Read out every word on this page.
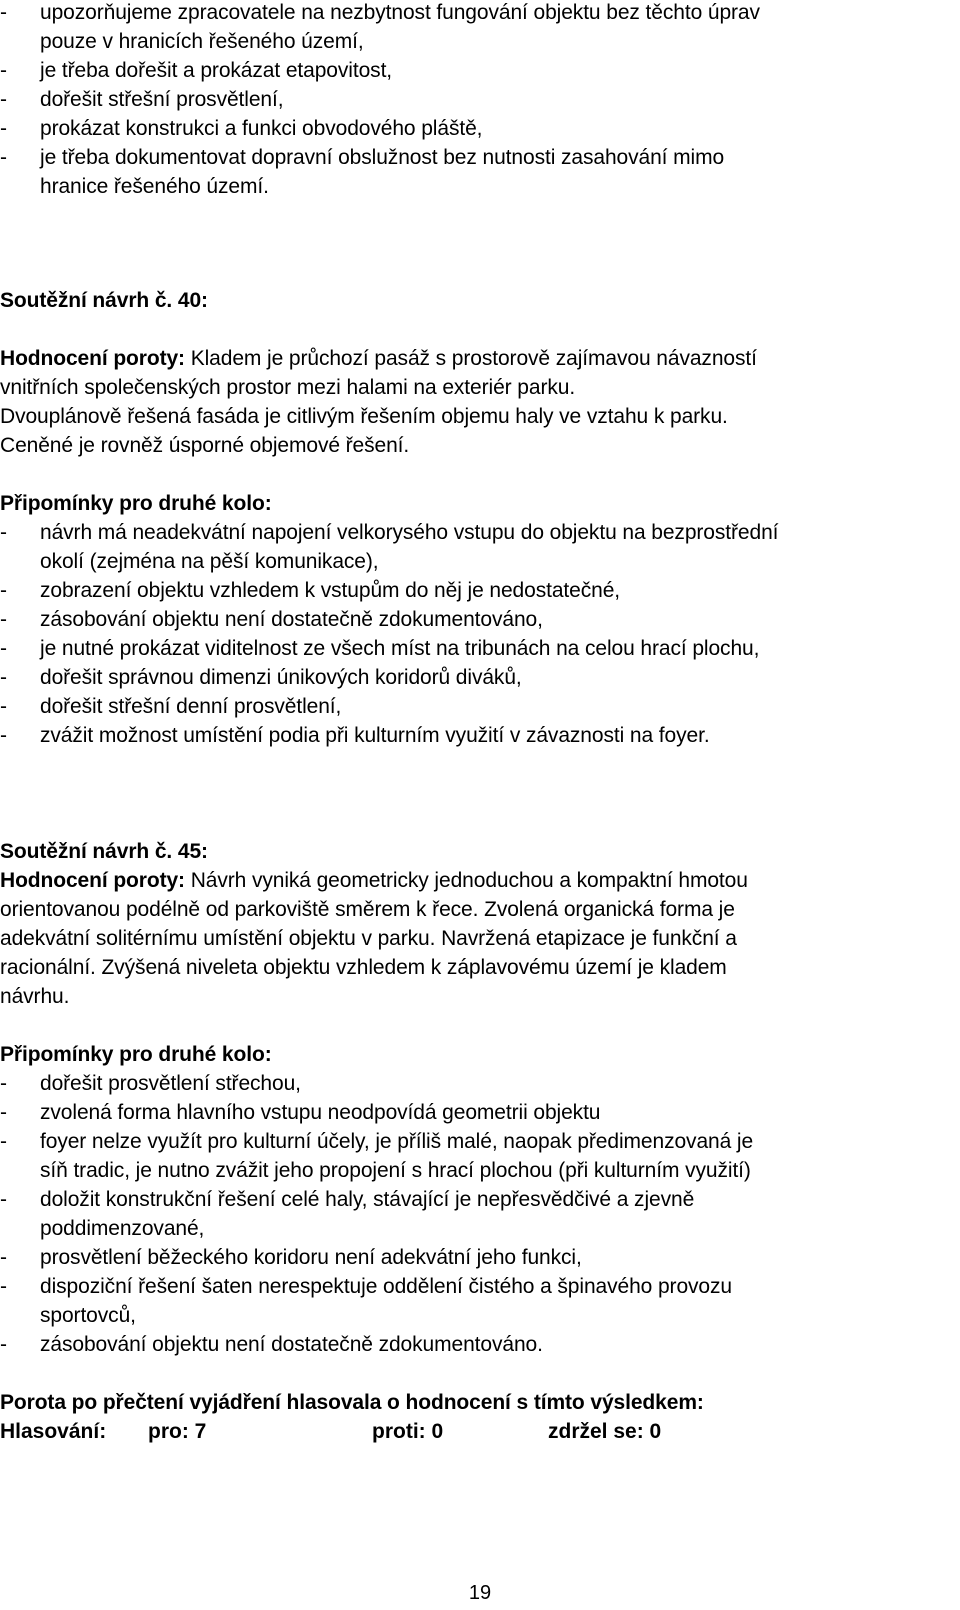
-	upozorňujeme zpracovatele na nezbytnost fungování objektu bez těchto úprav
pouze v hranicích řešeného území,
-	je třeba dořešit a prokázat etapovitost,
-	dořešit střešní prosvětlení,
-	prokázat konstrukci a funkci obvodového pláště,
-	je třeba dokumentovat dopravní obslužnost bez nutnosti zasahování mimo
hranice řešeného území.
Soutěžní návrh č. 40:
Hodnocení poroty: Kladem je průchozí pasáž s prostorově zajímavou návazností
vnitřních společenských prostor mezi halami na exteriér parku.
Dvouplánově řešená fasáda je citlivým řešením objemu haly ve vztahu k parku.
Ceněné je rovněž úsporné objemové řešení.
Připomínky pro druhé kolo:
-	návrh má neadekvátní napojení velkorysého vstupu do objektu na bezprostřední
okolí (zejména na pěší komunikace),
-	zobrazení objektu vzhledem k vstupům do něj je nedostatečné,
-	zásobování objektu není dostatečně zdokumentováno,
-	je nutné prokázat viditelnost ze všech míst na tribunách na celou hrací plochu,
-	dořešit správnou dimenzi únikových koridorů diváků,
-	dořešit střešní denní prosvětlení,
-	zvážit možnost umístění podia při kulturním využití v závaznosti na foyer.
Soutěžní návrh č. 45:
Hodnocení poroty: Návrh vyniká geometricky jednoduchou a kompaktní hmotou
orientovanou podélně od parkoviště směrem k řece. Zvolená organická forma je
adekvátní solitérnímu umístění objektu v parku. Navržená etapizace je funkční a
racionální. Zvýšená niveleta objektu vzhledem k záplavovému území je kladem
návrhu.
Připomínky pro druhé kolo:
-	dořešit prosvětlení střechou,
-	zvolená forma hlavního vstupu neodpovídá geometrii objektu
-	foyer nelze využít pro kulturní účely, je příliš malé, naopak předimenzovaná je
síň tradic, je nutno zvážit jeho propojení s hrací plochou (při kulturním využití)
-	doložit konstrukční řešení celé haly, stávající je nepřesvědčivé a zjevně
poddimenzované,
-	prosvětlení běžeckého koridoru není adekvátní jeho funkci,
-	dispoziční řešení šaten nerespektuje oddělení čistého a špinavého provozu
sportovců,
-	zásobování objektu není dostatečně zdokumentováno.
Porota po přečtení vyjádření hlasovala o hodnocení s tímto výsledkem:
Hlasování: pro: 7	proti: 0	zdržel se: 0
19
